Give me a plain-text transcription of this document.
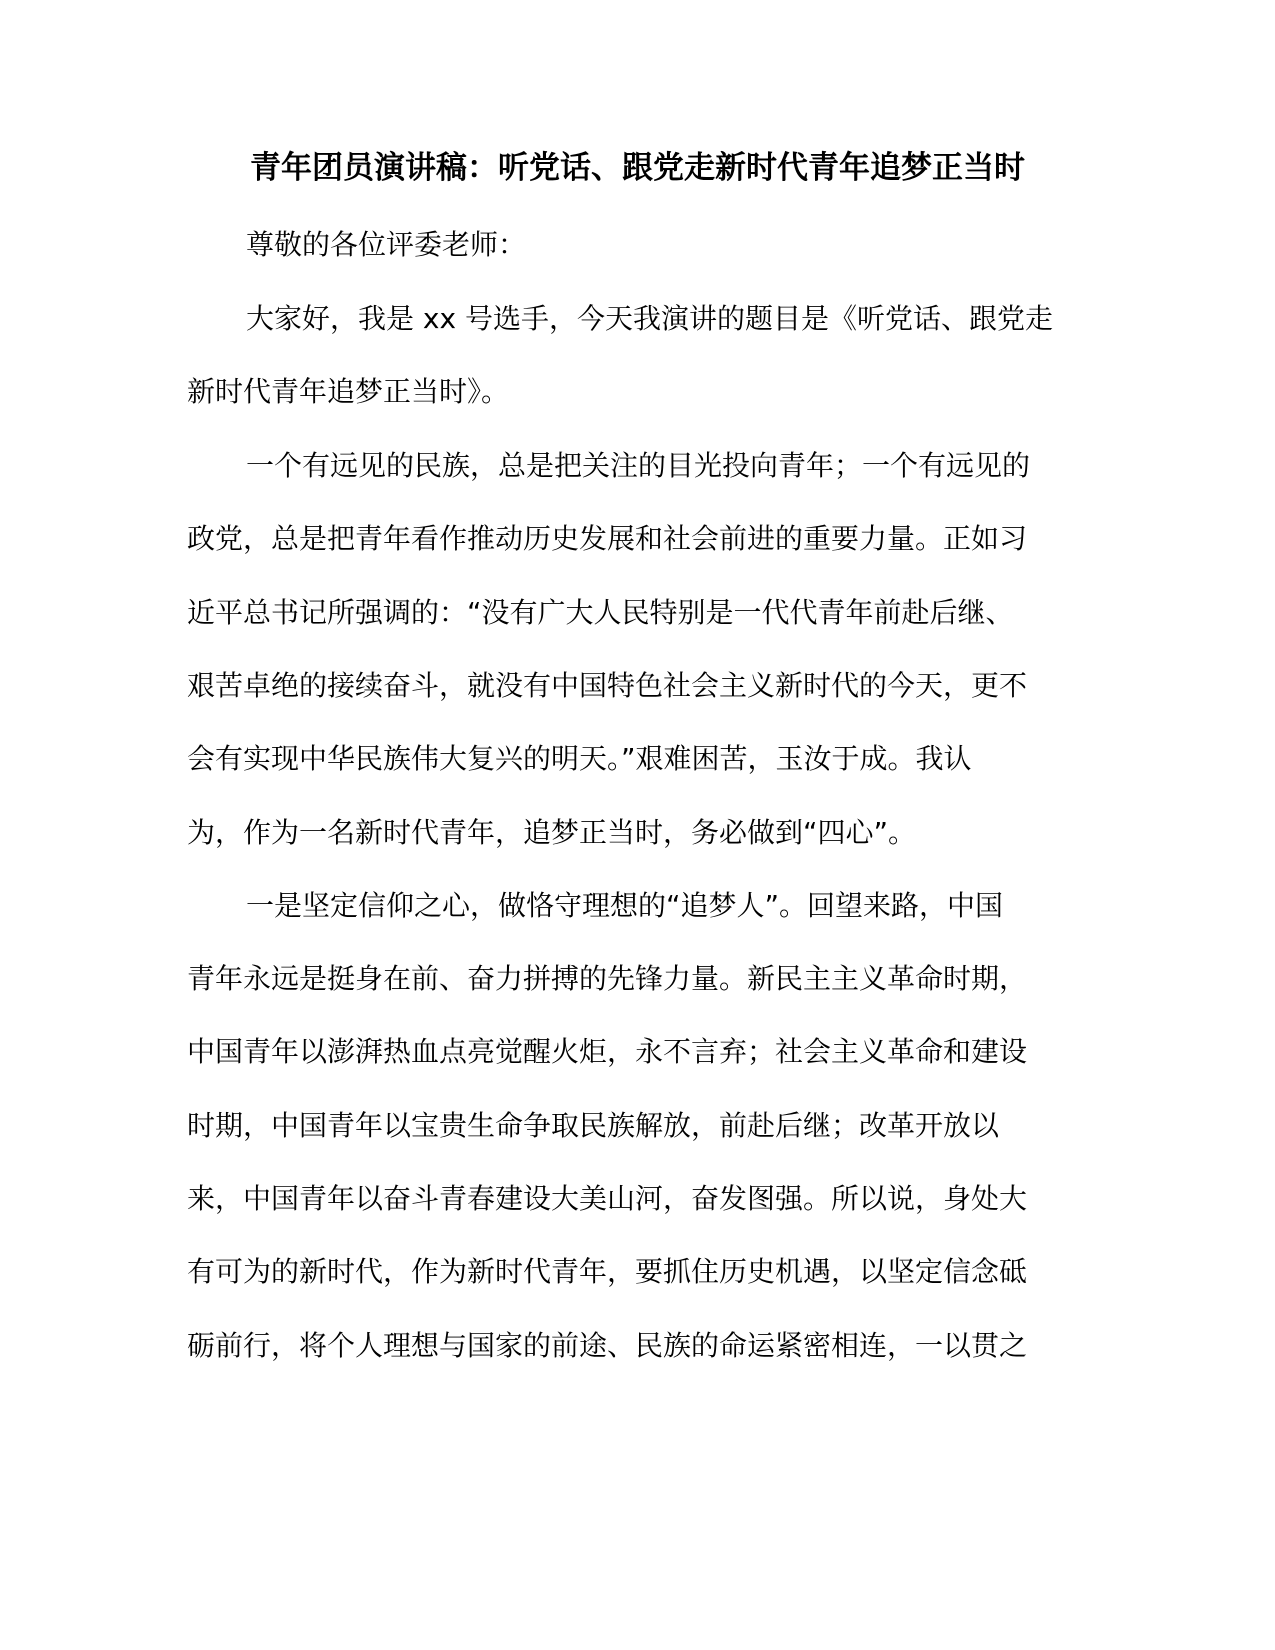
青年团员演讲稿：听党话、跟党走新时代青年追梦正当时
尊敬的各位评委老师：
大家好，我是 xx 号选手，今天我演讲的题目是《听党话、跟党走
新时代青年追梦正当时》。
一个有远见的民族，总是把关注的目光投向青年；一个有远见的
政党，总是把青年看作推动历史发展和社会前进的重要力量。正如习
近平总书记所强调的：“没有广大人民特别是一代代青年前赴后继、
艰苦卓绝的接续奋斗，就没有中国特色社会主义新时代的今天，更不
会有实现中华民族伟大复兴的明天。”艰难困苦，玉汝于成。我认
为，作为一名新时代青年，追梦正当时，务必做到“四心”。
一是坚定信仰之心，做恪守理想的“追梦人”。回望来路，中国
青年永远是挺身在前、奋力拼搏的先锋力量。新民主主义革命时期，
中国青年以澎湃热血点亮觉醒火炬，永不言弃；社会主义革命和建设
时期，中国青年以宝贵生命争取民族解放，前赴后继；改革开放以
来，中国青年以奋斗青春建设大美山河，奋发图强。所以说，身处大
有可为的新时代，作为新时代青年，要抓住历史机遇，以坚定信念砥
砺前行，将个人理想与国家的前途、民族的命运紧密相连，一以贯之
